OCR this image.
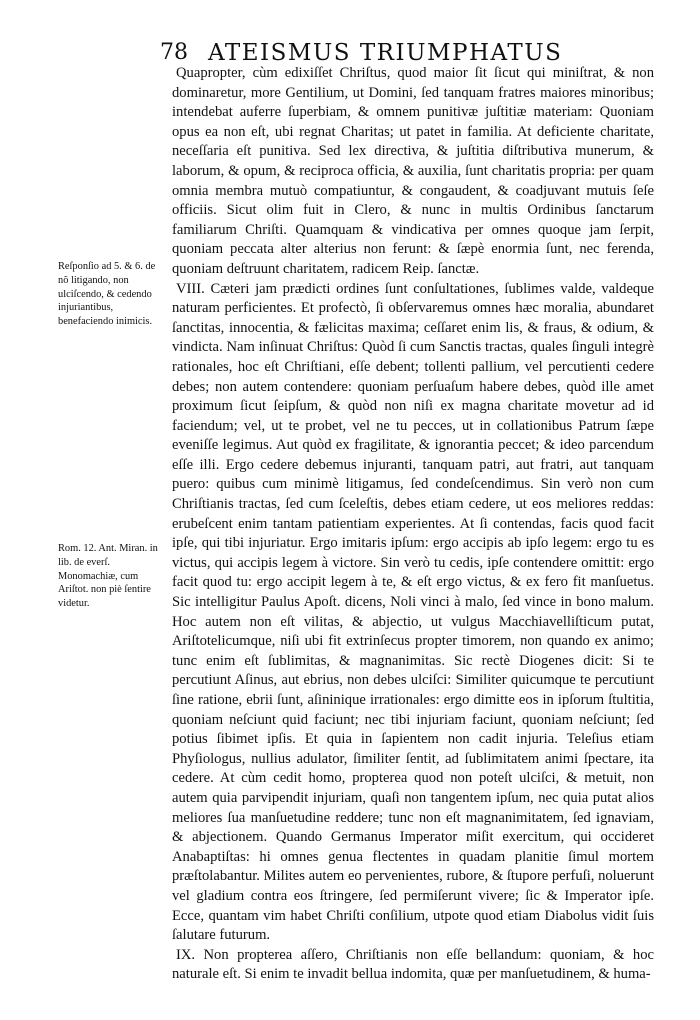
78 ATEISMUS TRIUMPHATUS

Reſponſio ad 5. & 6. de nõ litigando, non ulciſcendo, & cedendo injuriantibus, benefaciendo inimicis.

Rom. 12. Ant. Miran. in lib. de everſ. Monomachiæ, cum Ariſtot. non piè ſentire videtur.

Quapropter, cùm edixiſſet Chriſtus, quod maior ſit ſicut qui miniſtrat, & non dominaretur, more Gentilium, ut Domini, ſed tanquam fratres maiores minoribus; intendebat auferre ſuperbiam, & omnem punitivæ juſtitiæ materiam: Quoniam opus ea non eſt, ubi regnat Charitas; ut patet in familia. At deficiente charitate, neceſſaria eſt punitiva. Sed lex directiva, & juſtitia diſtributiva munerum, & laborum, & opum, & reciproca officia, & auxilia, ſunt charitatis propria: per quam omnia membra mutuò compatiuntur, & congaudent, & coadjuvant mutuis ſeſe officiis. Sicut olim fuit in Clero, & nunc in multis Ordinibus ſanctarum familiarum Chriſti. Quamquam & vindicativa per omnes quoque jam ſerpit, quoniam peccata alter alterius non ferunt: & ſæpè enormia ſunt, nec ferenda, quoniam deſtruunt charitatem, radicem Reip. ſanctæ.

VIII. Cæteri jam prædicti ordines ſunt conſultationes, ſublimes valde, valdeque naturam perficientes. Et profectò, ſi obſervaremus omnes hæc moralia, abundaret ſanctitas, innocentia, & fælicitas maxima; ceſſaret enim lis, & fraus, & odium, & vindicta. Nam inſinuat Chriſtus: Quòd ſi cum Sanctis tractas, quales ſinguli integrè rationales, hoc eſt Chriſtiani, eſſe debent; tollenti pallium, vel percutienti cedere debes; non autem contendere: quoniam perſuaſum habere debes, quòd ille amet proximum ſicut ſeipſum, & quòd non niſi ex magna charitate movetur ad id faciendum; vel, ut te probet, vel ne tu pecces, ut in collationibus Patrum ſæpe eveniſſe legimus. Aut quòd ex fragilitate, & ignorantia peccet; & ideo parcendum eſſe illi. Ergo cedere debemus injuranti, tanquam patri, aut fratri, aut tanquam puero: quibus cum minimè litigamus, ſed condeſcendimus. Sin verò non cum Chriſtianis tractas, ſed cum ſceleſtis, debes etiam cedere, ut eos meliores reddas: erubeſcent enim tantam patientiam experientes. At ſi contendas, facis quod facit ipſe, qui tibi injuriatur. Ergo imitaris ipſum: ergo accipis ab ipſo legem: ergo tu es victus, qui accipis legem à victore. Sin verò tu cedis, ipſe contendere omittit: ergo facit quod tu: ergo accipit legem à te, & eſt ergo victus, & ex fero fit manſuetus. Sic intelligitur Paulus Apoſt. dicens, Noli vinci à malo, ſed vince in bono malum. Hoc autem non eſt vilitas, & abjectio, ut vulgus Macchiavelliſticum putat, Ariſtotelicumque, niſi ubi fit extrinſecus propter timorem, non quando ex animo; tunc enim eſt ſublimitas, & magnanimitas. Sic rectè Diogenes dicit: Si te percutiunt Aſinus, aut ebrius, non debes ulciſci: Similiter quicumque te percutiunt ſine ratione, ebrii ſunt, aſininique irrationales: ergo dimitte eos in ipſorum ſtultitia, quoniam neſciunt quid faciunt; nec tibi injuriam faciunt, quoniam neſciunt; ſed potius ſibimet ipſis. Et quia in ſapientem non cadit injuria. Teleſius etiam Phyſiologus, nullius adulator, ſimiliter ſentit, ad ſublimitatem animi ſpectare, ita cedere. At cùm cedit homo, propterea quod non poteſt ulciſci, & metuit, non autem quia parvipendit injuriam, quaſi non tangentem ipſum, nec quia putat alios meliores ſua manſuetudine reddere; tunc non eſt magnanimitatem, ſed ignaviam, & abjectionem. Quando Germanus Imperator miſit exercitum, qui occideret Anabaptiſtas: hi omnes genua flectentes in quadam planitie ſimul mortem præſtolabantur. Milites autem eo pervenientes, rubore, & ſtupore perfuſi, noluerunt vel gladium contra eos ſtringere, ſed permiſerunt vivere; ſic & Imperator ipſe. Ecce, quantam vim habet Chriſti conſilium, utpote quod etiam Diabolus vidit ſuis ſalutare futurum.

IX. Non propterea aſſero, Chriſtianis non eſſe bellandum: quoniam, & hoc naturale eſt. Si enim te invadit bellua indomita, quæ per manſuetudinem, & huma-
